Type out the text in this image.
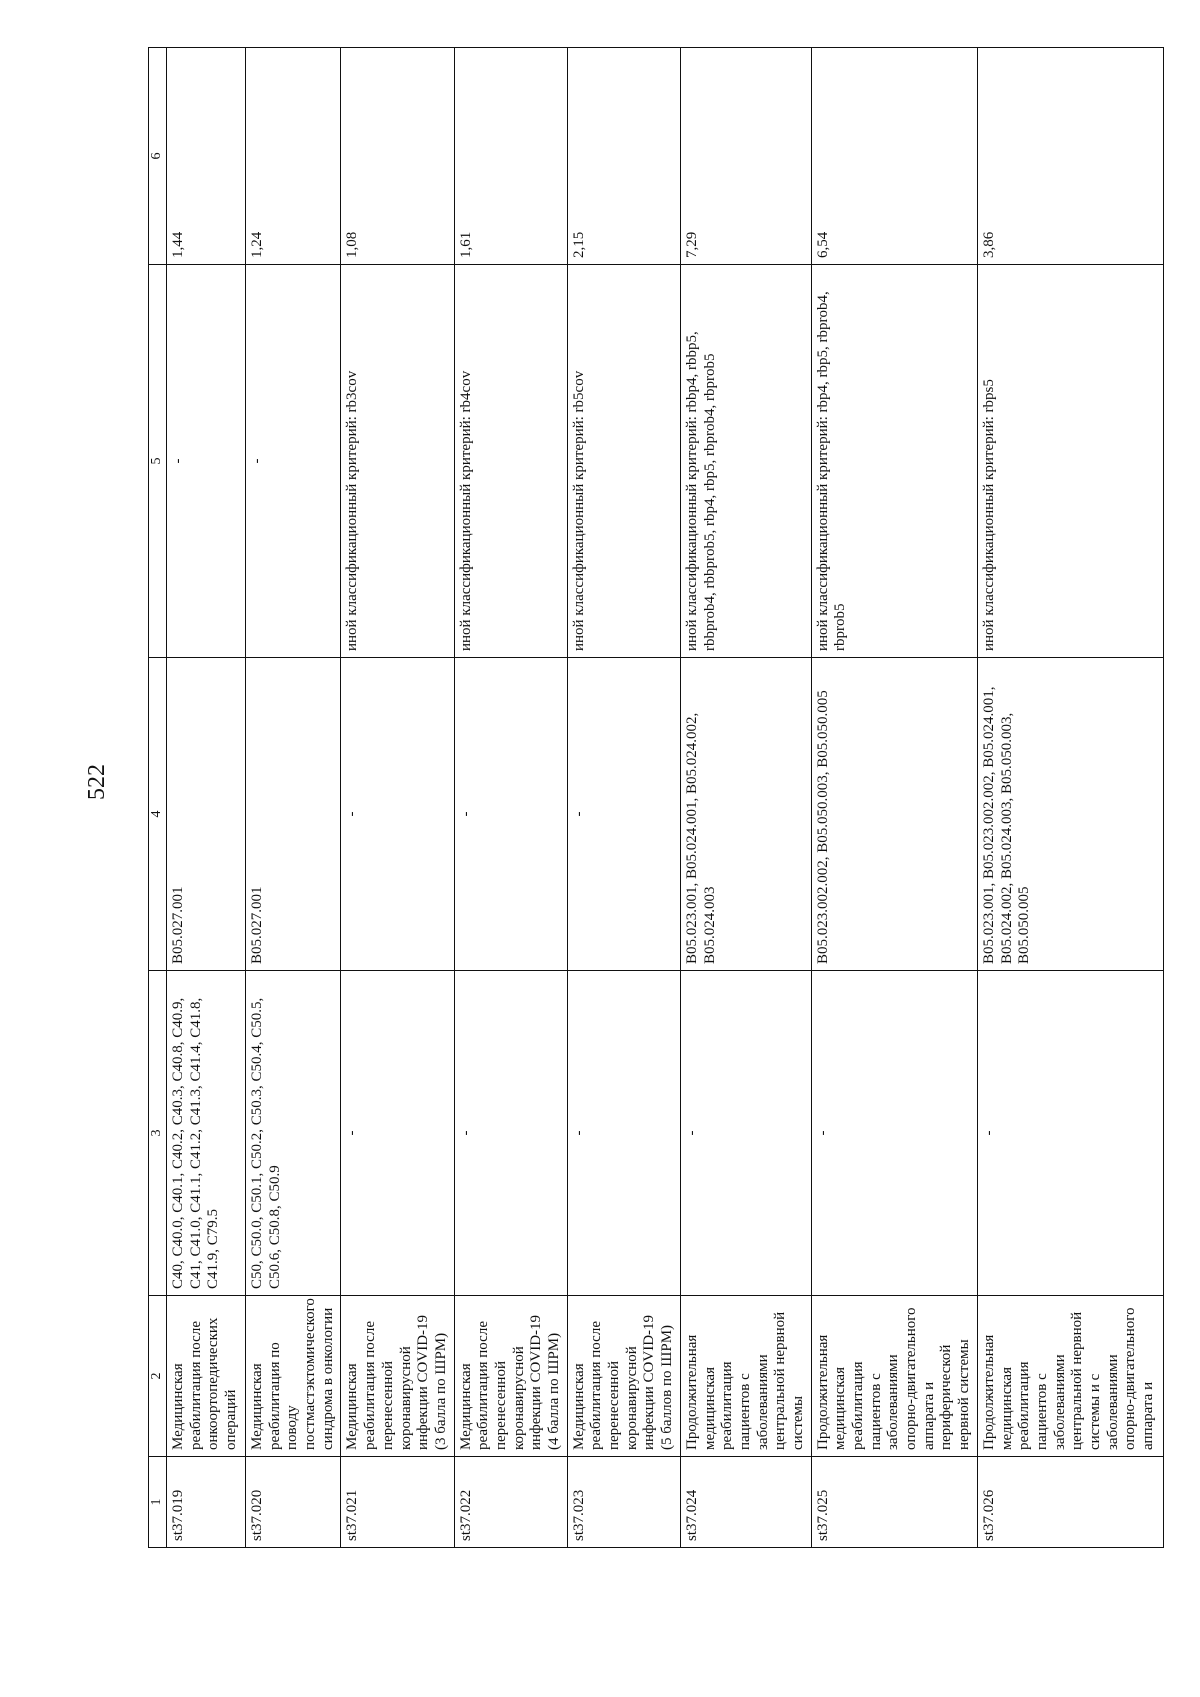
522
1	2	3	4	5	6
st37.019	Медицинская реабилитация после онкоортопедических операций	C40, C40.0, C40.1, C40.2, C40.3, C40.8, C40.9, C41, C41.0, C41.1, C41.2, C41.3, C41.4, C41.8, C41.9, C79.5	B05.027.001	-	1,44
st37.020	Медицинская реабилитация по поводу постмастэктомического синдрома в онкологии	C50, C50.0, C50.1, C50.2, C50.3, C50.4, C50.5, C50.6, C50.8, C50.9	B05.027.001	-	1,24
st37.021	Медицинская реабилитация после перенесенной коронавирусной инфекции COVID-19 (3 балла по ШРМ)	-	-	иной классификационный критерий: rb3cov	1,08
st37.022	Медицинская реабилитация после перенесенной коронавирусной инфекции COVID-19 (4 балла по ШРМ)	-	-	иной классификационный критерий: rb4cov	1,61
st37.023	Медицинская реабилитация после перенесенной коронавирусной инфекции COVID-19 (5 баллов по ШРМ)	-	-	иной классификационный критерий: rb5cov	2,15
st37.024	Продолжительная медицинская реабилитация пациентов с заболеваниями центральной нервной системы	-	B05.023.001, B05.024.001, B05.024.002, B05.024.003	иной классификационный критерий: rbbp4, rbbp5, rbbprob4, rbbprob5, rbp4, rbp5, rbprob4, rbprob5	7,29
st37.025	Продолжительная медицинская реабилитация пациентов с заболеваниями опорно-двигательного аппарата и периферической нервной системы	-	B05.023.002.002, B05.050.003, B05.050.005	иной классификационный критерий: rbp4, rbp5, rbprob4, rbprob5	6,54
st37.026	Продолжительная медицинская реабилитация пациентов с заболеваниями центральной нервной системы и с заболеваниями опорно-двигательного аппарата и	-	B05.023.001, B05.023.002.002, B05.024.001, B05.024.002, B05.024.003, B05.050.003, B05.050.005	иной классификационный критерий: rbps5	3,86
